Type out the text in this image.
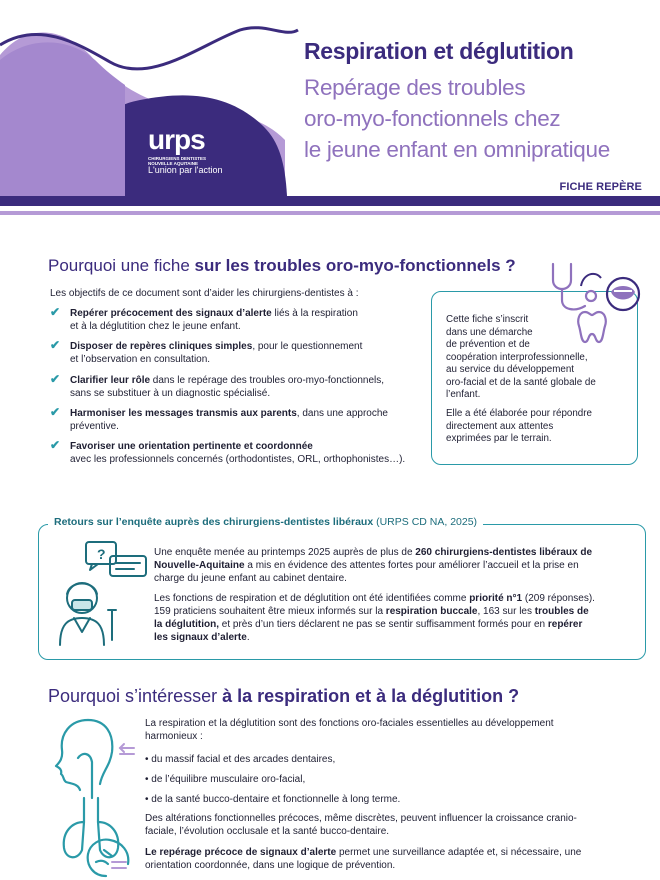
urps
CHIRURGIENS DENTISTES NOUVELLE AQUITAINE
L'union par l'action
Respiration et déglutition
Repérage des troubles
oro-myo-fonctionnels chez
le jeune enfant en omnipratique
FICHE REPÈRE
Pourquoi une fiche sur les troubles oro-myo-fonctionnels ?
Les objectifs de ce document sont d’aider les chirurgiens-dentistes à :
✔ Repérer précocement des signaux d’alerte liés à la respiration
et à la déglutition chez le jeune enfant.
✔ Disposer de repères cliniques simples, pour le questionnement
et l’observation en consultation.
✔ Clarifier leur rôle dans le repérage des troubles oro-myo-fonctionnels,
sans se substituer à un diagnostic spécialisé.
✔ Harmoniser les messages transmis aux parents, dans une approche
préventive.
✔ Favoriser une orientation pertinente et coordonnée
avec les professionnels concernés (orthodontistes, ORL, orthophonistes…).

Cette fiche s’inscrit
dans une démarche
de prévention et de
coopération interprofessionnelle,
au service du développement
oro-facial et de la santé globale de
l’enfant.

Elle a été élaborée pour répondre
directement aux attentes
exprimées par le terrain.

Une enquête menée au printemps 2025 auprès de plus de 260 chirurgiens-dentistes libéraux de
Nouvelle-Aquitaine a mis en évidence des attentes fortes pour améliorer l’accueil et la prise en
charge du jeune enfant au cabinet dentaire.

Les fonctions de respiration et de déglutition ont été identifiées comme priorité n°1 (209 réponses).
159 praticiens souhaitent être mieux informés sur la respiration buccale, 163 sur les troubles de
la déglutition, et près d’un tiers déclarent ne pas se sentir suffisamment formés pour en repérer
les signaux d’alerte.

Retours sur l’enquête auprès des chirurgiens-dentistes libéraux (URPS CD NA, 2025)
?
Pourquoi s’intéresser à la respiration et à la déglutition ?
La respiration et la déglutition sont des fonctions oro-faciales essentielles au développement
harmonieux :
• du massif facial et des arcades dentaires,
• de l’équilibre musculaire oro-facial,
• de la santé bucco-dentaire et fonctionnelle à long terme.
Des altérations fonctionnelles précoces, même discrètes, peuvent influencer la croissance cranio-
faciale, l’évolution occlusale et la santé bucco-dentaire.
Le repérage précoce de signaux d’alerte permet une surveillance adaptée et, si nécessaire, une
orientation coordonnée, dans une logique de prévention.
